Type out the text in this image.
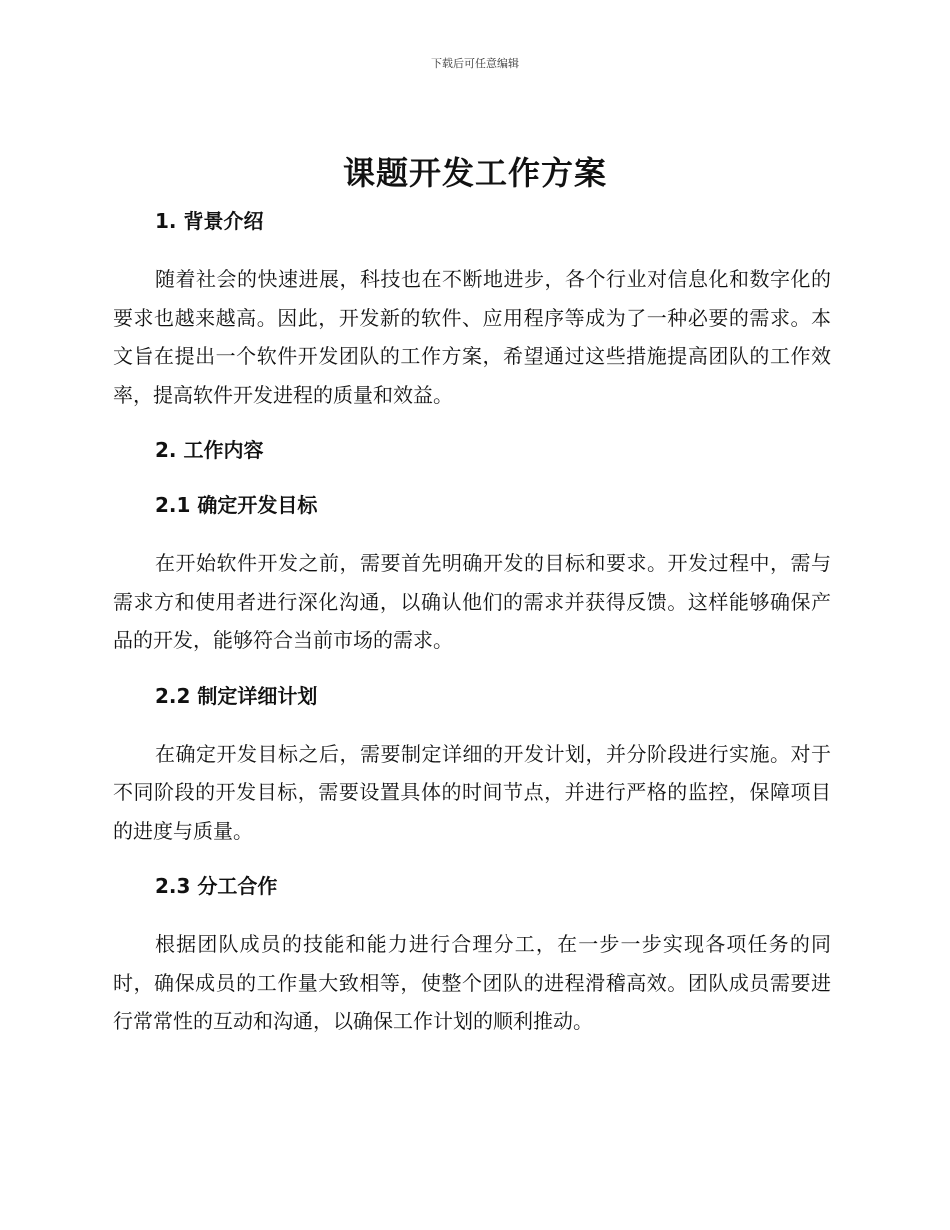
下载后可任意编辑
课题开发工作方案
1. 背景介绍

随着社会的快速进展，科技也在不断地进步，各个行业对信息化和数字化的要求也越来越高。因此，开发新的软件、应用程序等成为了一种必要的需求。本文旨在提出一个软件开发团队的工作方案，希望通过这些措施提高团队的工作效率，提高软件开发进程的质量和效益。

2. 工作内容
2.1 确定开发目标

在开始软件开发之前，需要首先明确开发的目标和要求。开发过程中，需与需求方和使用者进行深化沟通，以确认他们的需求并获得反馈。这样能够确保产品的开发，能够符合当前市场的需求。

2.2 制定详细计划

在确定开发目标之后，需要制定详细的开发计划，并分阶段进行实施。对于不同阶段的开发目标，需要设置具体的时间节点，并进行严格的监控，保障项目的进度与质量。

2.3 分工合作

根据团队成员的技能和能力进行合理分工，在一步一步实现各项任务的同时，确保成员的工作量大致相等，使整个团队的进程滑稽高效。团队成员需要进行常常性的互动和沟通，以确保工作计划的顺利推动。
